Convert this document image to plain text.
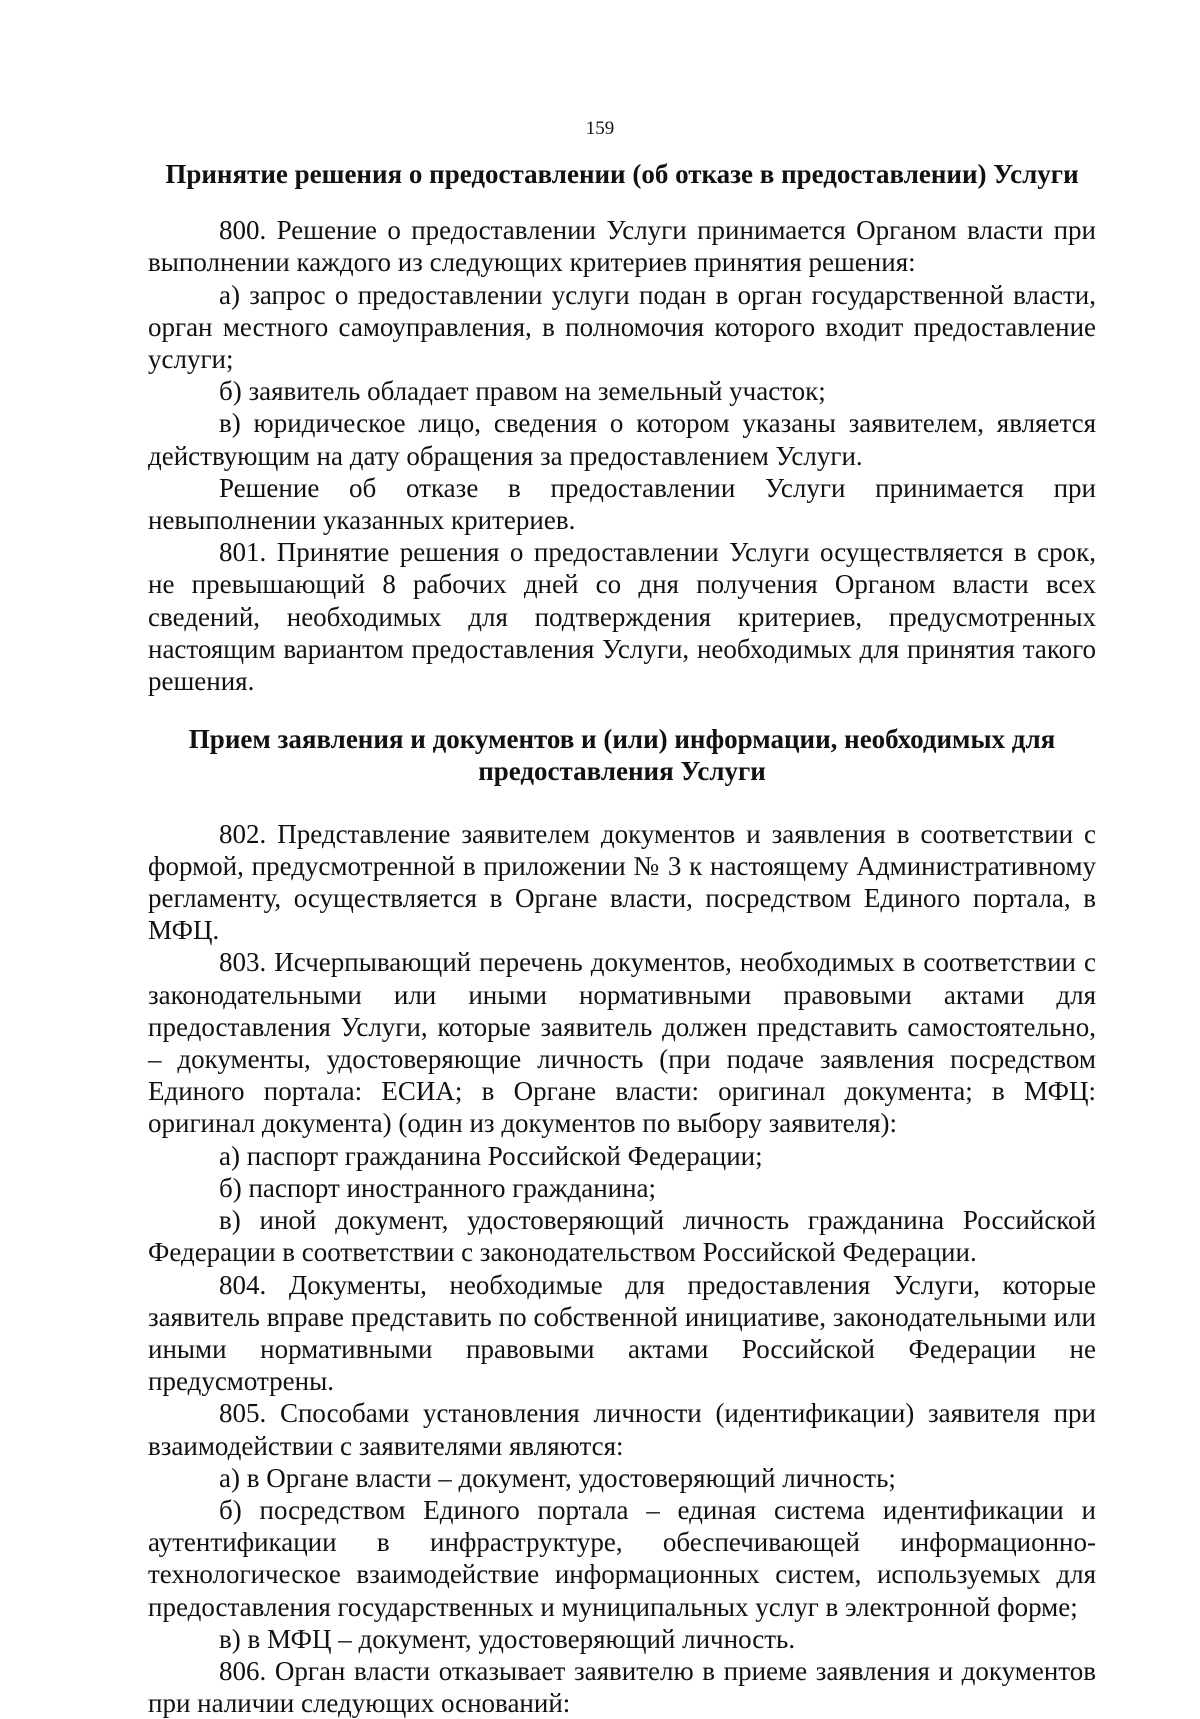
159

Принятие решения о предоставлении (об отказе в предоставлении) Услуги

800. Решение о предоставлении Услуги принимается Органом власти при выполнении каждого из следующих критериев принятия решения:

а) запрос о предоставлении услуги подан в орган государственной власти, орган местного самоуправления, в полномочия которого входит предоставление услуги;

б) заявитель обладает правом на земельный участок;

в) юридическое лицо, сведения о котором указаны заявителем, является действующим на дату обращения за предоставлением Услуги.

Решение об отказе в предоставлении Услуги принимается при невыполнении указанных критериев.

801. Принятие решения о предоставлении Услуги осуществляется в срок, не превышающий 8 рабочих дней со дня получения Органом власти всех сведений, необходимых для подтверждения критериев, предусмотренных настоящим вариантом предоставления Услуги, необходимых для принятия такого решения.

Прием заявления и документов и (или) информации, необходимых для
предоставления Услуги

802. Представление заявителем документов и заявления в соответствии с формой, предусмотренной в приложении № 3 к настоящему Административному регламенту, осуществляется в Органе власти, посредством Единого портала, в МФЦ.

803. Исчерпывающий перечень документов, необходимых в соответствии с законодательными или иными нормативными правовыми актами для предоставления Услуги, которые заявитель должен представить самостоятельно, – документы, удостоверяющие личность (при подаче заявления посредством Единого портала: ЕСИА; в Органе власти: оригинал документа; в МФЦ: оригинал документа) (один из документов по выбору заявителя):

а) паспорт гражданина Российской Федерации;

б) паспорт иностранного гражданина;

в) иной документ, удостоверяющий личность гражданина Российской Федерации в соответствии с законодательством Российской Федерации.

804. Документы, необходимые для предоставления Услуги, которые заявитель вправе представить по собственной инициативе, законодательными или иными нормативными правовыми актами Российской Федерации не предусмотрены.

805. Способами установления личности (идентификации) заявителя при взаимодействии с заявителями являются:

а) в Органе власти – документ, удостоверяющий личность;

б) посредством Единого портала – единая система идентификации и аутентификации в инфраструктуре, обеспечивающей информационно-технологическое взаимодействие информационных систем, используемых для предоставления государственных и муниципальных услуг в электронной форме;

в) в МФЦ – документ, удостоверяющий личность.

806. Орган власти отказывает заявителю в приеме заявления и документов при наличии следующих оснований:
